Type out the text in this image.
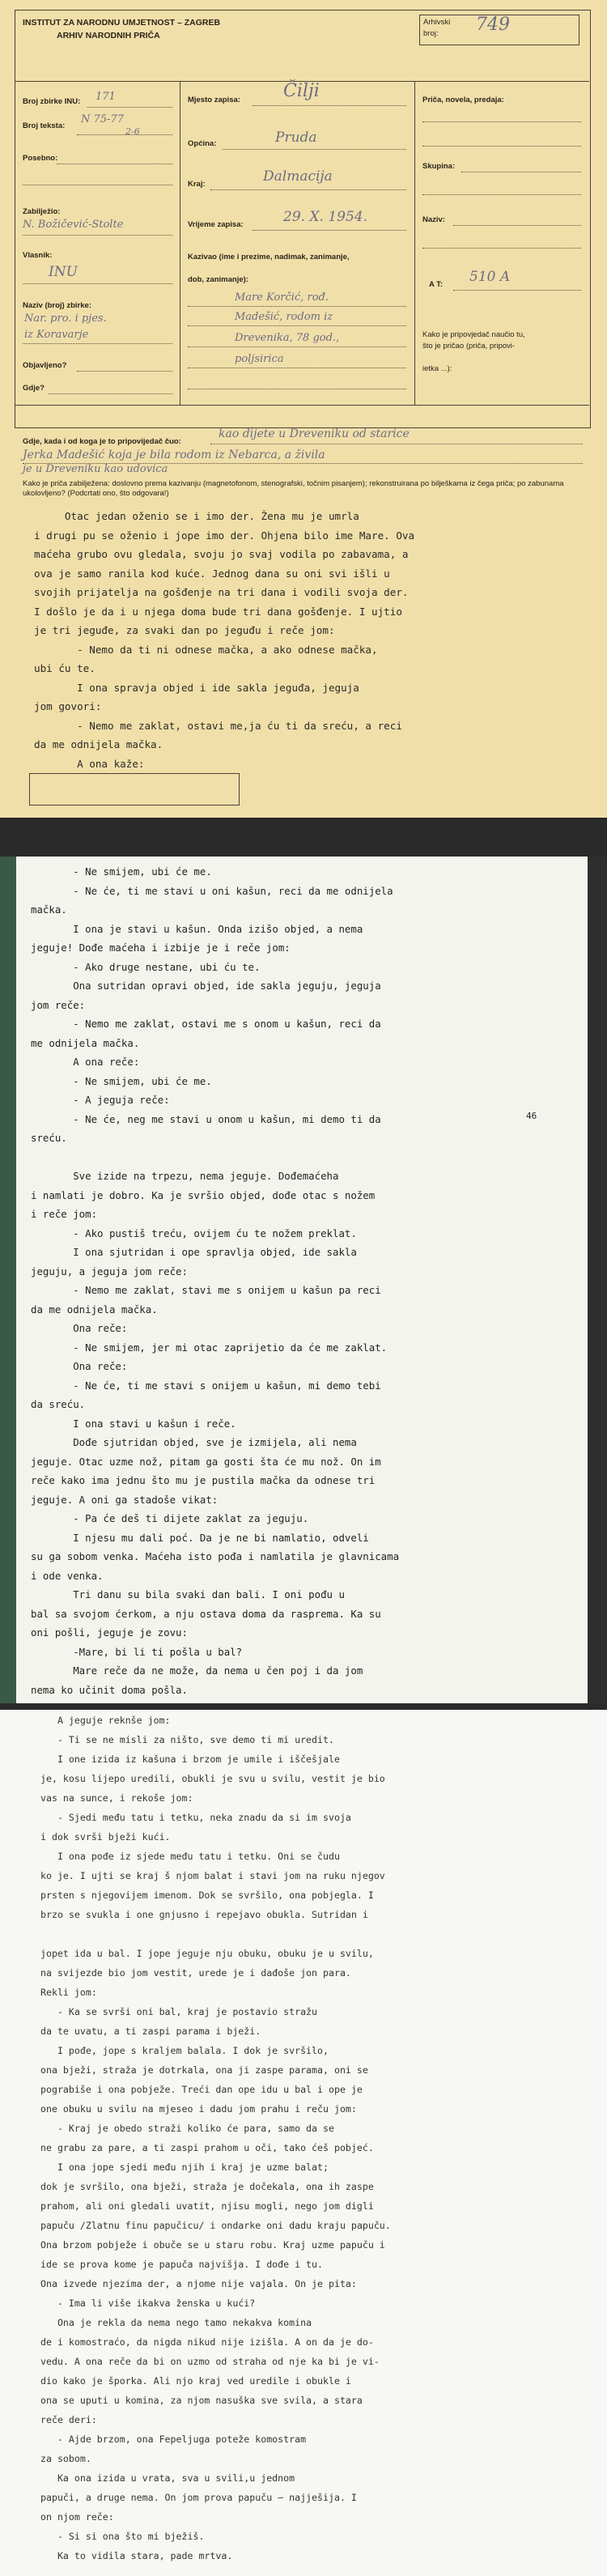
INSTITUT ZA NARODNU UMJETNOST – ZAGREB
ARHIV NARODNIH PRIČA
Arhivski
broj: 749
Broj zbirke INU: 171
Broj teksta:
N 75-77
2-6
Posebno:
Zabilježio:
N. Božičević-Stolte
Vlasnik:
INU
Naziv (broj) zbirke:
Nar. pro. i pjes.
iz Koravarje
Objavljeno?
Gdje?
Mjesto zapisa: Čilji
Općina:	Pruda
Kraj:	Dalmacija
Vrijeme zapisa:	29. X. 1954.
Kazivao (ime i prezime, nadimak, zanimanje,
dob, zanimanje):
Mare Korčić, rođ.
Madešić, rodom iz
Drevenika, 78 god.,
poljsirica
Priča, novela, predaja:
Skupina:
Naziv:
A T: 510 A
Kako je pripovjedač naučio tu,
što je pričao (priča, pripovi-
ietka ...):
Gdje, kada i od koga je to pripovijedač čuo:
kao dijete u Dreveniku od starice
Jerka Madešić koja je bila rodom iz Nebarca, a živila
je u Dreveniku kao udovica
Kako je priča zabilježena: doslovno prema kazivanju (magnetofonom, stenografski, točnim pisanjem); rekonstruirana po bilješkama iz čega priča; po zabunama ukolovljeno? (Podcrtati ono, što odgovara!)
Otac jedan oženio se i imo der. Žena mu je umrla
i drugi pu se oženio i jope imo der. Ohjena bilo ime Mare. Ova
maćeha grubo ovu gledala, svoju jo svaj vodila po zabavama, a
ova je samo ranila kod kuće. Jednog dana su oni svi išli u
svojih prijatelja na gošđenje na tri dana i vodili svoja der.
I došlo je da i u njega doma bude tri dana gošđenje. I ujtio
je tri jeguđe, za svaki dan po jeguđu i reče jom:
- Nemo da ti ni odnese mačka, a ako odnese mačka,
ubi ću te.
I ona spravja objed i ide sakla jeguđa, jeguja
jom govori:
- Nemo me zaklat, ostavi me,ja ću ti da sreću, a reci
da me odnijela mačka.
A ona kaže:
46
- Ne smijem, ubi će me.
- Ne će, ti me stavi u oni kašun, reci da me odnijela
mačka.
I ona je stavi u kašun. Onda izišo objed, a nema
jeguje! Dođe maćeha i izbije je i reče jom:
- Ako druge nestane, ubi ću te.
Ona sutridan opravi objed, ide sakla jeguju, jeguja
jom reče:
- Nemo me zaklat, ostavi me s onom u kašun, reci da
me odnijela mačka.
A ona reče:
- Ne smijem, ubi će me.
- A jeguja reče:
- Ne će, neg me stavi u onom u kašun, mi demo ti da
sreću.
Sve izide na trpezu, nema jeguje. Dođemaćeha
i namlati je dobro. Ka je svršio objed, dođe otac s nožem
i reče jom:
- Ako pustiš treću, ovijem ću te nožem preklat.
I ona sjutridan i ope spravlja objed, ide sakla
jeguju, a jeguja jom reče:
- Nemo me zaklat, stavi me s onijem u kašun pa reci
da me odnijela mačka.
Ona reče:
- Ne smijem, jer mi otac zaprijetio da će me zaklat.
Ona reče:
- Ne će, ti me stavi s onijem u kašun, mi demo tebi
da sreću.
I ona stavi u kašun i reče.
Dođe sjutridan objed, sve je izmijela, ali nema
jeguje. Otac uzme nož, pitam ga gosti šta će mu nož. On im
reče kako ima jednu što mu je pustila mačka da odnese tri
jeguje. A oni ga stadoše vikat:
- Pa će deš ti dijete zaklat za jeguju.
I njesu mu dali poć. Da je ne bi namlatio, odveli
su ga sobom venka. Maćeha isto pođa i namlatila je glavnicama
i ode venka.
Tri danu su bila svaki dan bali. I oni pođu u
bal sa svojom ćerkom, a nju ostava doma da rasprema. Ka su
oni pošli, jeguje je zovu:
-Mare, bi li ti pošla u bal?
Mare reče da ne može, da nema u čen poj i da jom
nema ko učinit doma pošla.
A jeguje reknše jom:
- Ti se ne misli za ništo, sve demo ti mi uredit.
I one izida iz kašuna i brzom je umile i iščešjale
je, kosu lijepo uredili, obukli je svu u svilu, vestit je bio
vas na sunce, i rekoše jom:
- Sjedi među tatu i tetku, neka znadu da si im svoja
i dok svrši bježi kući.
I ona pođe iz sjede među tatu i tetku. Oni se čudu
ko je. I ujti se kraj š njom balat i stavi jom na ruku njegov
prsten s njegovijem imenom. Dok se svršilo, ona pobjegla. I
brzo se svukla i one gnjusno i repejavo obukla. Sutridan i
jopet ida u bal. I jope jeguje nju obuku, obuku je u svilu,
na svijezde bio jom vestit, urede je i dađoše jon para.
Rekli jom:
- Ka se svrši oni bal, kraj je postavio stražu
da te uvatu, a ti zaspi parama i bježi.
I pođe, jope s kraljem balala. I dok je svršilo,
ona bježi, straža je dotrkala, ona ji zaspe parama, oni se
pograbiše i ona pobježe. Treći dan ope idu u bal i ope je
one obuku u svilu na mjeseo i dadu jom prahu i reču jom:
- Kraj je obedo straži koliko će para, samo da se
ne grabu za pare, a ti zaspi prahom u oči, tako ćeš pobjeć.
I ona jope sjedi među njih i kraj je uzme balat;
dok je svršilo, ona bježi, straža je dočekala, ona ih zaspe
prahom, ali oni gledali uvatit, njisu mogli, nego jom digli
papuču /Zlatnu finu papučicu/ i ondarke oni dadu kraju papuču.
Ona brzom pobježe i obuče se u staru robu. Kraj uzme papuču i
ide se prova kome je papuča najvišja. I dođe i tu.
Ona izvede njezima der, a njome nije vajala. On je pita:
- Ima li više ikakva ženska u kući?
Ona je rekla da nema nego tamo nekakva komina
de i komostraćo, da nigda nikud nije izišla. A on da je do-
vedu. A ona reče da bi on uzmo od straha od nje ka bi je vi-
dio kako je šporka. Ali njo kraj ved uredile i obukle i
ona se uputi u komina, za njom nasuška sve svila, a stara
reče deri:
- Ajde brzom, ona Fepeljuga poteže komostram
za sobom.
Ka ona izida u vrata, sva u svili,u jednom
papuči, a druge nema. On jom prova papuču – najješija. I
on njom reče:
- Si si ona što mi bježiš.
Ka to vidila stara, pade mrtva.
